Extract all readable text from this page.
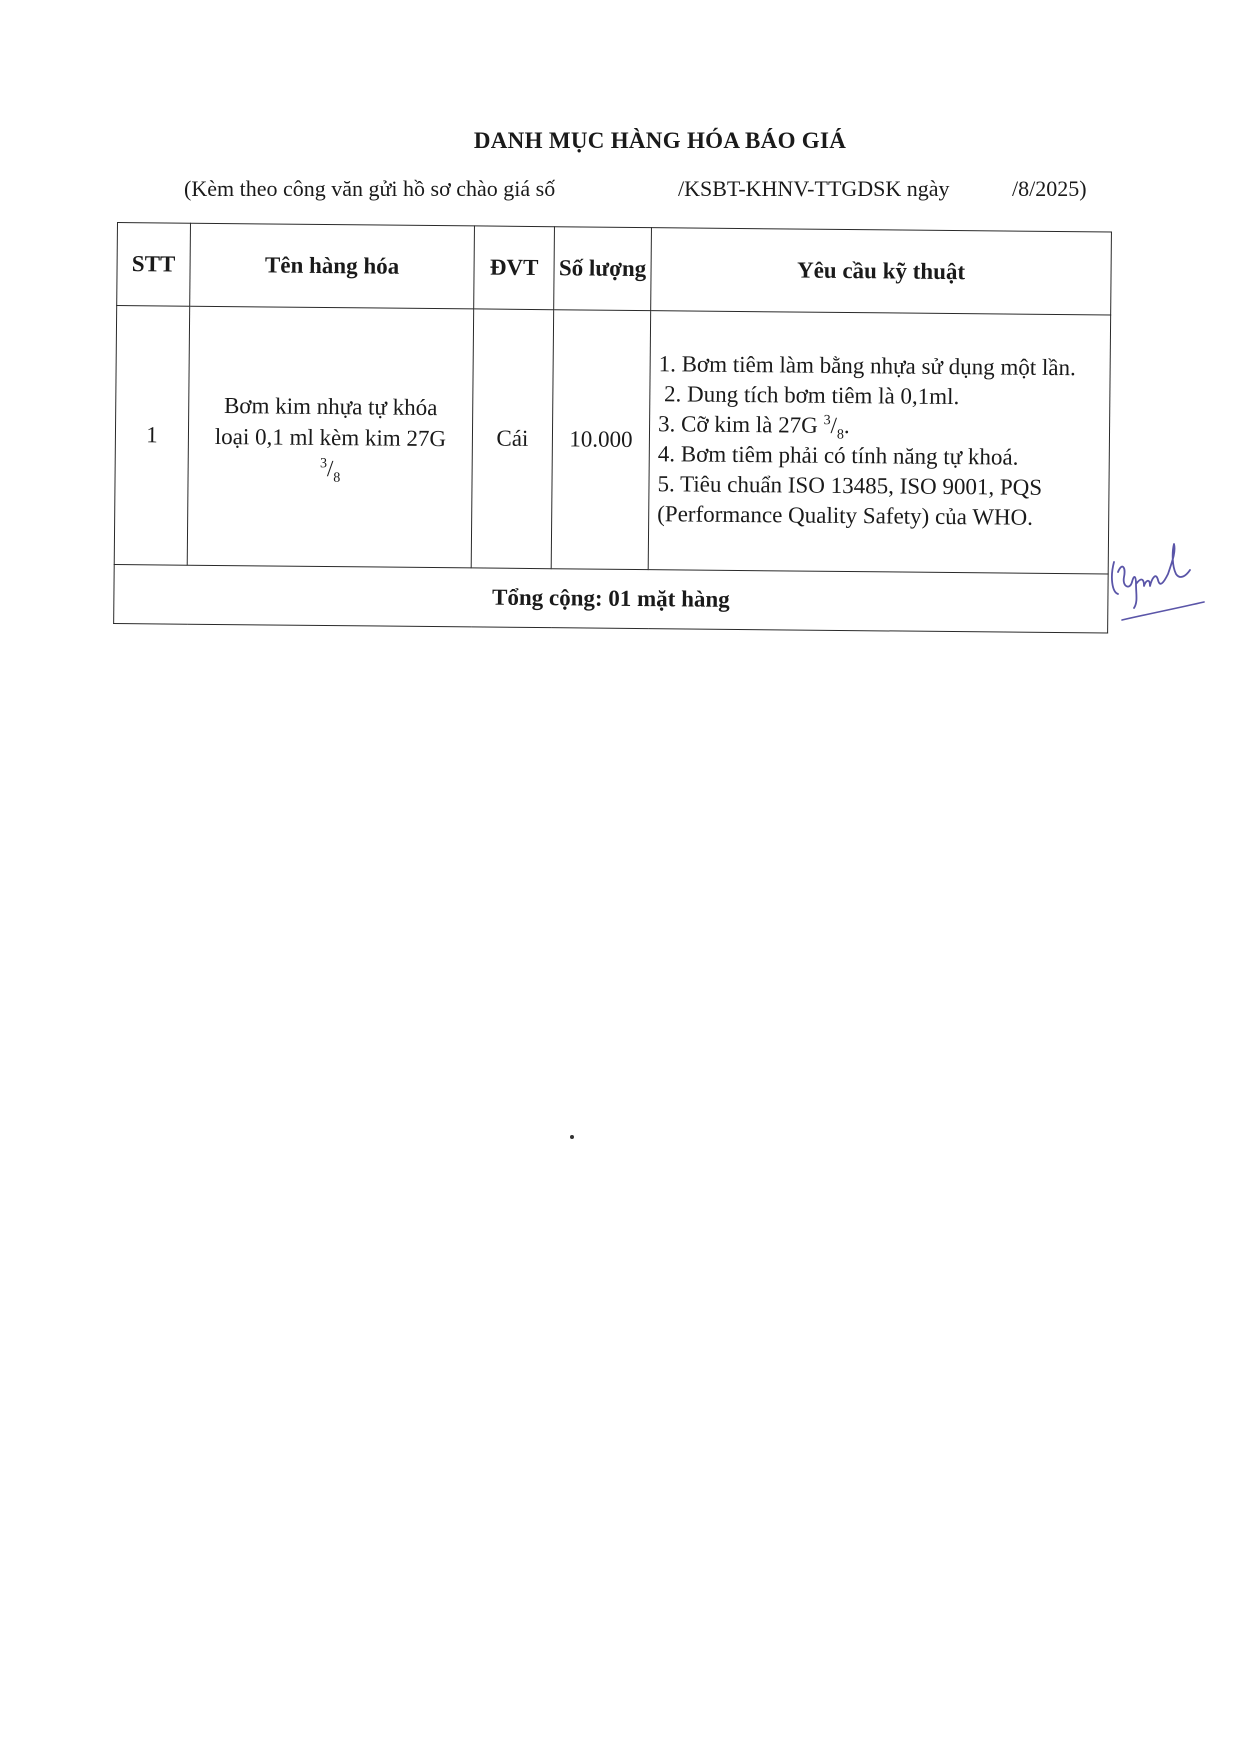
DANH MỤC HÀNG HÓA BÁO GIÁ
(Kèm theo công văn gửi hồ sơ chào giá số	/KSBT-KHNV-TTGDSK ngày	/8/2025)
STT	Tên hàng hóa	ĐVT	Số lượng	Yêu cầu kỹ thuật
1	Bơm kim nhựa tự khóa loại 0,1 ml kèm kim 27G $^3/_8$	Cái	10.000	1. Bơm tiêm làm bằng nhựa sử dụng một lần.
2. Dung tích bơm tiêm là 0,1ml.
3. Cỡ kim là 27G $^3/_8$.
4. Bơm tiêm phải có tính năng tự khoá.
5. Tiêu chuẩn ISO 13485, ISO 9001, PQS (Performance Quality Safety) của WHO.

Tổng cộng: 01 mặt hàng				
